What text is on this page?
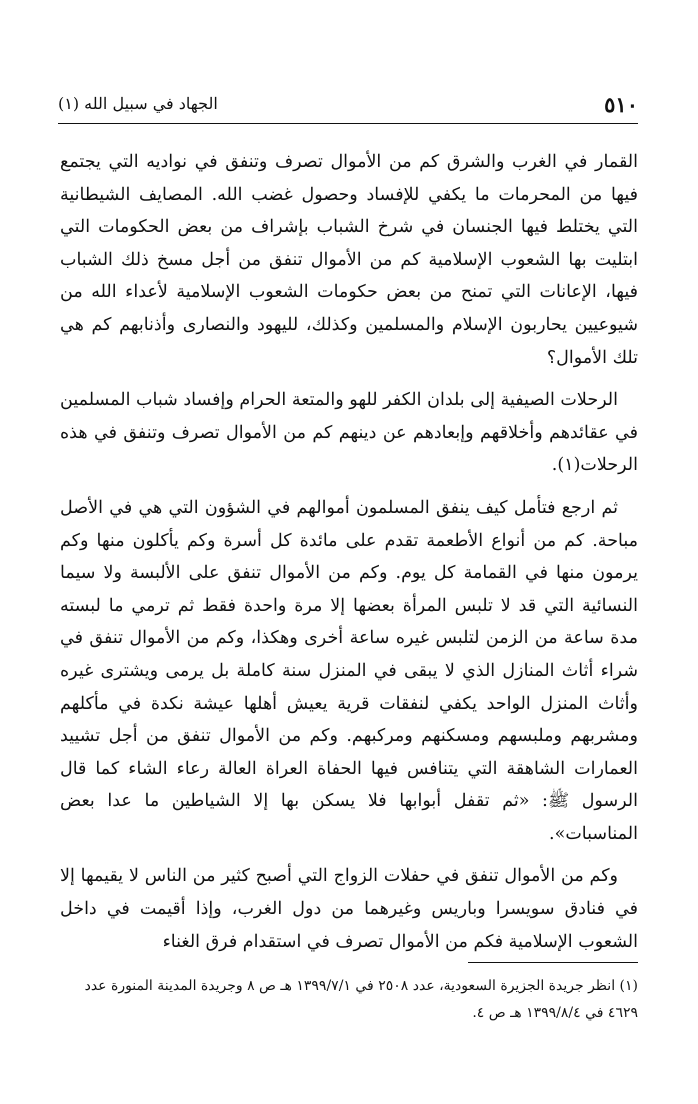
٥١٠
الجهاد في سبيل الله (١)

القمار في الغرب والشرق كم من الأموال تصرف وتنفق في نواديه التي يجتمع فيها من المحرمات ما يكفي للإفساد وحصول غضب الله. المصايف الشيطانية التي يختلط فيها الجنسان في شرخ الشباب بإشراف من بعض الحكومات التي ابتليت بها الشعوب الإسلامية كم من الأموال تنفق من أجل مسخ ذلك الشباب فيها، الإعانات التي تمنح من بعض حكومات الشعوب الإسلامية لأعداء الله من شيوعيين يحاربون الإسلام والمسلمين وكذلك، لليهود والنصارى وأذنابهم كم هي تلك الأموال؟

الرحلات الصيفية إلى بلدان الكفر للهو والمتعة الحرام وإفساد شباب المسلمين في عقائدهم وأخلاقهم وإبعادهم عن دينهم كم من الأموال تصرف وتنفق في هذه الرحلات(١).

ثم ارجع فتأمل كيف ينفق المسلمون أموالهم في الشؤون التي هي في الأصل مباحة. كم من أنواع الأطعمة تقدم على مائدة كل أسرة وكم يأكلون منها وكم يرمون منها في القمامة كل يوم. وكم من الأموال تنفق على الألبسة ولا سيما النسائية التي قد لا تلبس المرأة بعضها إلا مرة واحدة فقط ثم ترمي ما لبسته مدة ساعة من الزمن لتلبس غيره ساعة أخرى وهكذا، وكم من الأموال تنفق في شراء أثاث المنازل الذي لا يبقى في المنزل سنة كاملة بل يرمى ويشترى غيره وأثاث المنزل الواحد يكفي لنفقات قرية يعيش أهلها عيشة نكدة في مأكلهم ومشربهم وملبسهم ومسكنهم ومركبهم. وكم من الأموال تنفق من أجل تشييد العمارات الشاهقة التي يتنافس فيها الحفاة العراة العالة رعاء الشاء كما قال الرسول ﷺ: «ثم تقفل أبوابها فلا يسكن بها إلا الشياطين ما عدا بعض المناسبات».

وكم من الأموال تنفق في حفلات الزواج التي أصبح كثير من الناس لا يقيمها إلا في فنادق سويسرا وباريس وغيرهما من دول الغرب، وإذا أقيمت في داخل الشعوب الإسلامية فكم من الأموال تصرف في استقدام فرق الغناء

(١) انظر جريدة الجزيرة السعودية، عدد ٢٥٠٨ في ١٣٩٩/٧/١ هـ ص ٨ وجريدة المدينة المنورة عدد ٤٦٢٩ في ١٣٩٩/٨/٤ هـ ص ٤.
